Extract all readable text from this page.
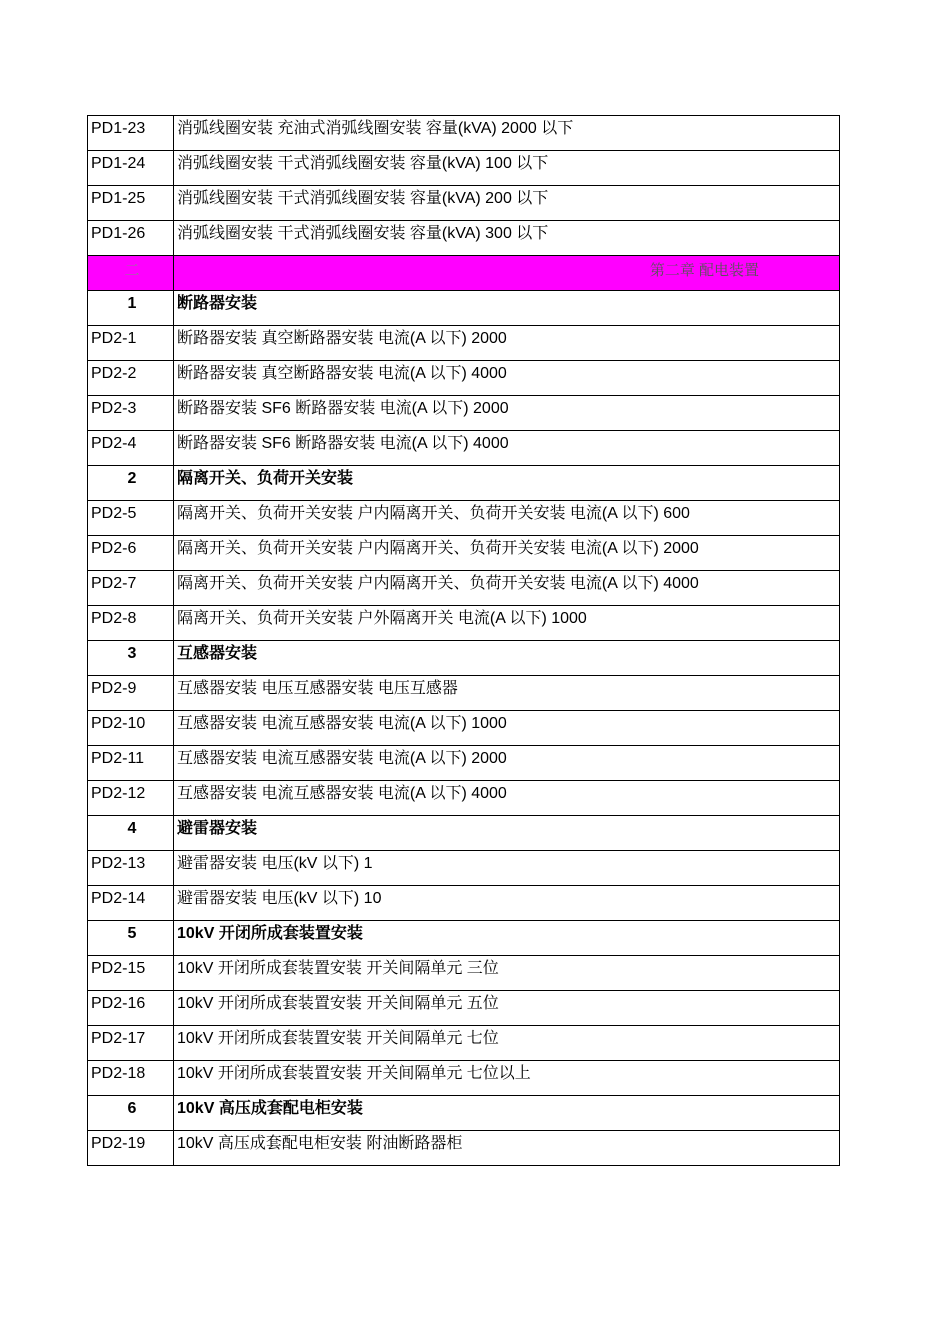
PD1-23	消弧线圈安装 充油式消弧线圈安装 容量(kVA) 2000 以下
PD1-24	消弧线圈安装 干式消弧线圈安装 容量(kVA) 100 以下
PD1-25	消弧线圈安装 干式消弧线圈安装 容量(kVA) 200 以下
PD1-26	消弧线圈安装 干式消弧线圈安装 容量(kVA) 300 以下
二	第二章 配电装置
1	断路器安装
PD2-1	断路器安装 真空断路器安装 电流(A 以下) 2000
PD2-2	断路器安装 真空断路器安装 电流(A 以下) 4000
PD2-3	断路器安装 SF6 断路器安装 电流(A 以下) 2000
PD2-4	断路器安装 SF6 断路器安装 电流(A 以下) 4000
2	隔离开关、负荷开关安装
PD2-5	隔离开关、负荷开关安装 户内隔离开关、负荷开关安装 电流(A 以下) 600
PD2-6	隔离开关、负荷开关安装 户内隔离开关、负荷开关安装 电流(A 以下) 2000
PD2-7	隔离开关、负荷开关安装 户内隔离开关、负荷开关安装 电流(A 以下) 4000
PD2-8	隔离开关、负荷开关安装 户外隔离开关 电流(A 以下) 1000
3	互感器安装
PD2-9	互感器安装 电压互感器安装 电压互感器
PD2-10	互感器安装 电流互感器安装 电流(A 以下) 1000
PD2-11	互感器安装 电流互感器安装 电流(A 以下) 2000
PD2-12	互感器安装 电流互感器安装 电流(A 以下) 4000
4	避雷器安装
PD2-13	避雷器安装 电压(kV 以下) 1
PD2-14	避雷器安装 电压(kV 以下) 10
5	10kV 开闭所成套装置安装
PD2-15	10kV 开闭所成套装置安装 开关间隔单元 三位
PD2-16	10kV 开闭所成套装置安装 开关间隔单元 五位
PD2-17	10kV 开闭所成套装置安装 开关间隔单元 七位
PD2-18	10kV 开闭所成套装置安装 开关间隔单元 七位以上
6	10kV 高压成套配电柜安装
PD2-19	10kV 高压成套配电柜安装 附油断路器柜
